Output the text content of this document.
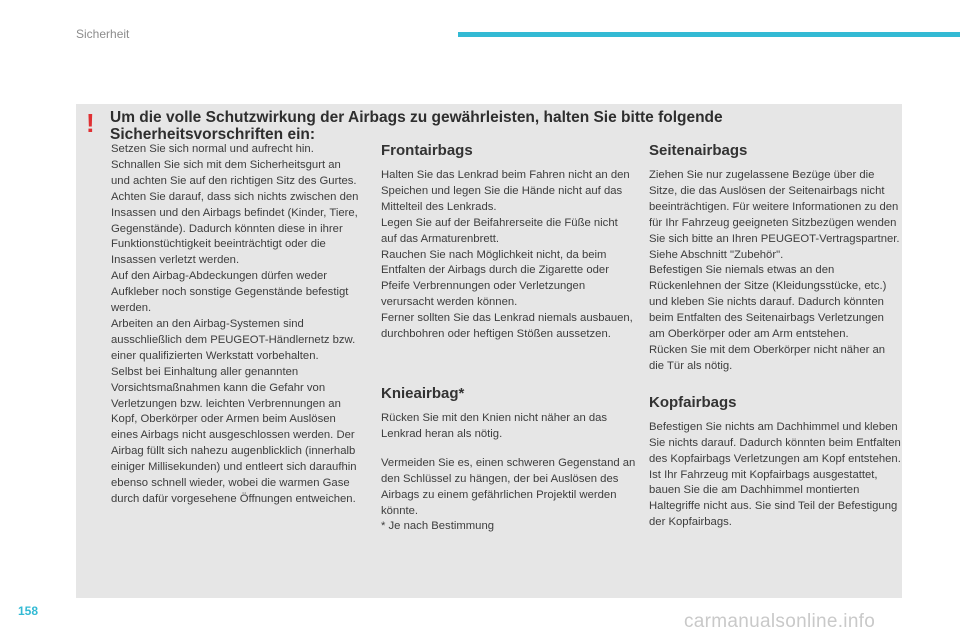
Sicherheit
! Um die volle Schutzwirkung der Airbags zu gewährleisten, halten Sie bitte folgende Sicherheitsvorschriften ein:

Setzen Sie sich normal und aufrecht hin. Schnallen Sie sich mit dem Sicherheitsgurt an und achten Sie auf den richtigen Sitz des Gurtes.
Achten Sie darauf, dass sich nichts zwischen den Insassen und den Airbags befindet (Kinder, Tiere, Gegenstände). Dadurch könnten diese in ihrer Funktionstüchtigkeit beeinträchtigt oder die Insassen verletzt werden.
Auf den Airbag-Abdeckungen dürfen weder Aufkleber noch sonstige Gegenstände befestigt werden.
Arbeiten an den Airbag-Systemen sind ausschließlich dem PEUGEOT-Händlernetz bzw. einer qualifizierten Werkstatt vorbehalten.
Selbst bei Einhaltung aller genannten Vorsichtsmaßnahmen kann die Gefahr von Verletzungen bzw. leichten Verbrennungen an Kopf, Oberkörper oder Armen beim Auslösen eines Airbags nicht ausgeschlossen werden. Der Airbag füllt sich nahezu augenblicklich (innerhalb einiger Millisekunden) und entleert sich daraufhin ebenso schnell wieder, wobei die warmen Gase durch dafür vorgesehene Öffnungen entweichen.

Frontairbags

Halten Sie das Lenkrad beim Fahren nicht an den Speichen und legen Sie die Hände nicht auf das Mittelteil des Lenkrads.
Legen Sie auf der Beifahrerseite die Füße nicht auf das Armaturenbrett.
Rauchen Sie nach Möglichkeit nicht, da beim Entfalten der Airbags durch die Zigarette oder Pfeife Verbrennungen oder Verletzungen verursacht werden können.
Ferner sollten Sie das Lenkrad niemals ausbauen, durchbohren oder heftigen Stößen aussetzen.

Knieairbag*

Rücken Sie mit den Knien nicht näher an das Lenkrad heran als nötig.

Vermeiden Sie es, einen schweren Gegenstand an den Schlüssel zu hängen, der bei Auslösen des Airbags zu einem gefährlichen Projektil werden könnte.

* Je nach Bestimmung

Seitenairbags

Ziehen Sie nur zugelassene Bezüge über die Sitze, die das Auslösen der Seitenairbags nicht beeinträchtigen. Für weitere Informationen zu den für Ihr Fahrzeug geeigneten Sitzbezügen wenden Sie sich bitte an Ihren PEUGEOT-Vertragspartner.
Siehe Abschnitt "Zubehör".
Befestigen Sie niemals etwas an den Rückenlehnen der Sitze (Kleidungsstücke, etc.) und kleben Sie nichts darauf. Dadurch könnten beim Entfalten des Seitenairbags Verletzungen am Oberkörper oder am Arm entstehen.
Rücken Sie mit dem Oberkörper nicht näher an die Tür als nötig.

Kopfairbags

Befestigen Sie nichts am Dachhimmel und kleben Sie nichts darauf. Dadurch könnten beim Entfalten des Kopfairbags Verletzungen am Kopf entstehen.
Ist Ihr Fahrzeug mit Kopfairbags ausgestattet, bauen Sie die am Dachhimmel montierten Haltegriffe nicht aus. Sie sind Teil der Befestigung der Kopfairbags.

158	carmanualsonline.info
